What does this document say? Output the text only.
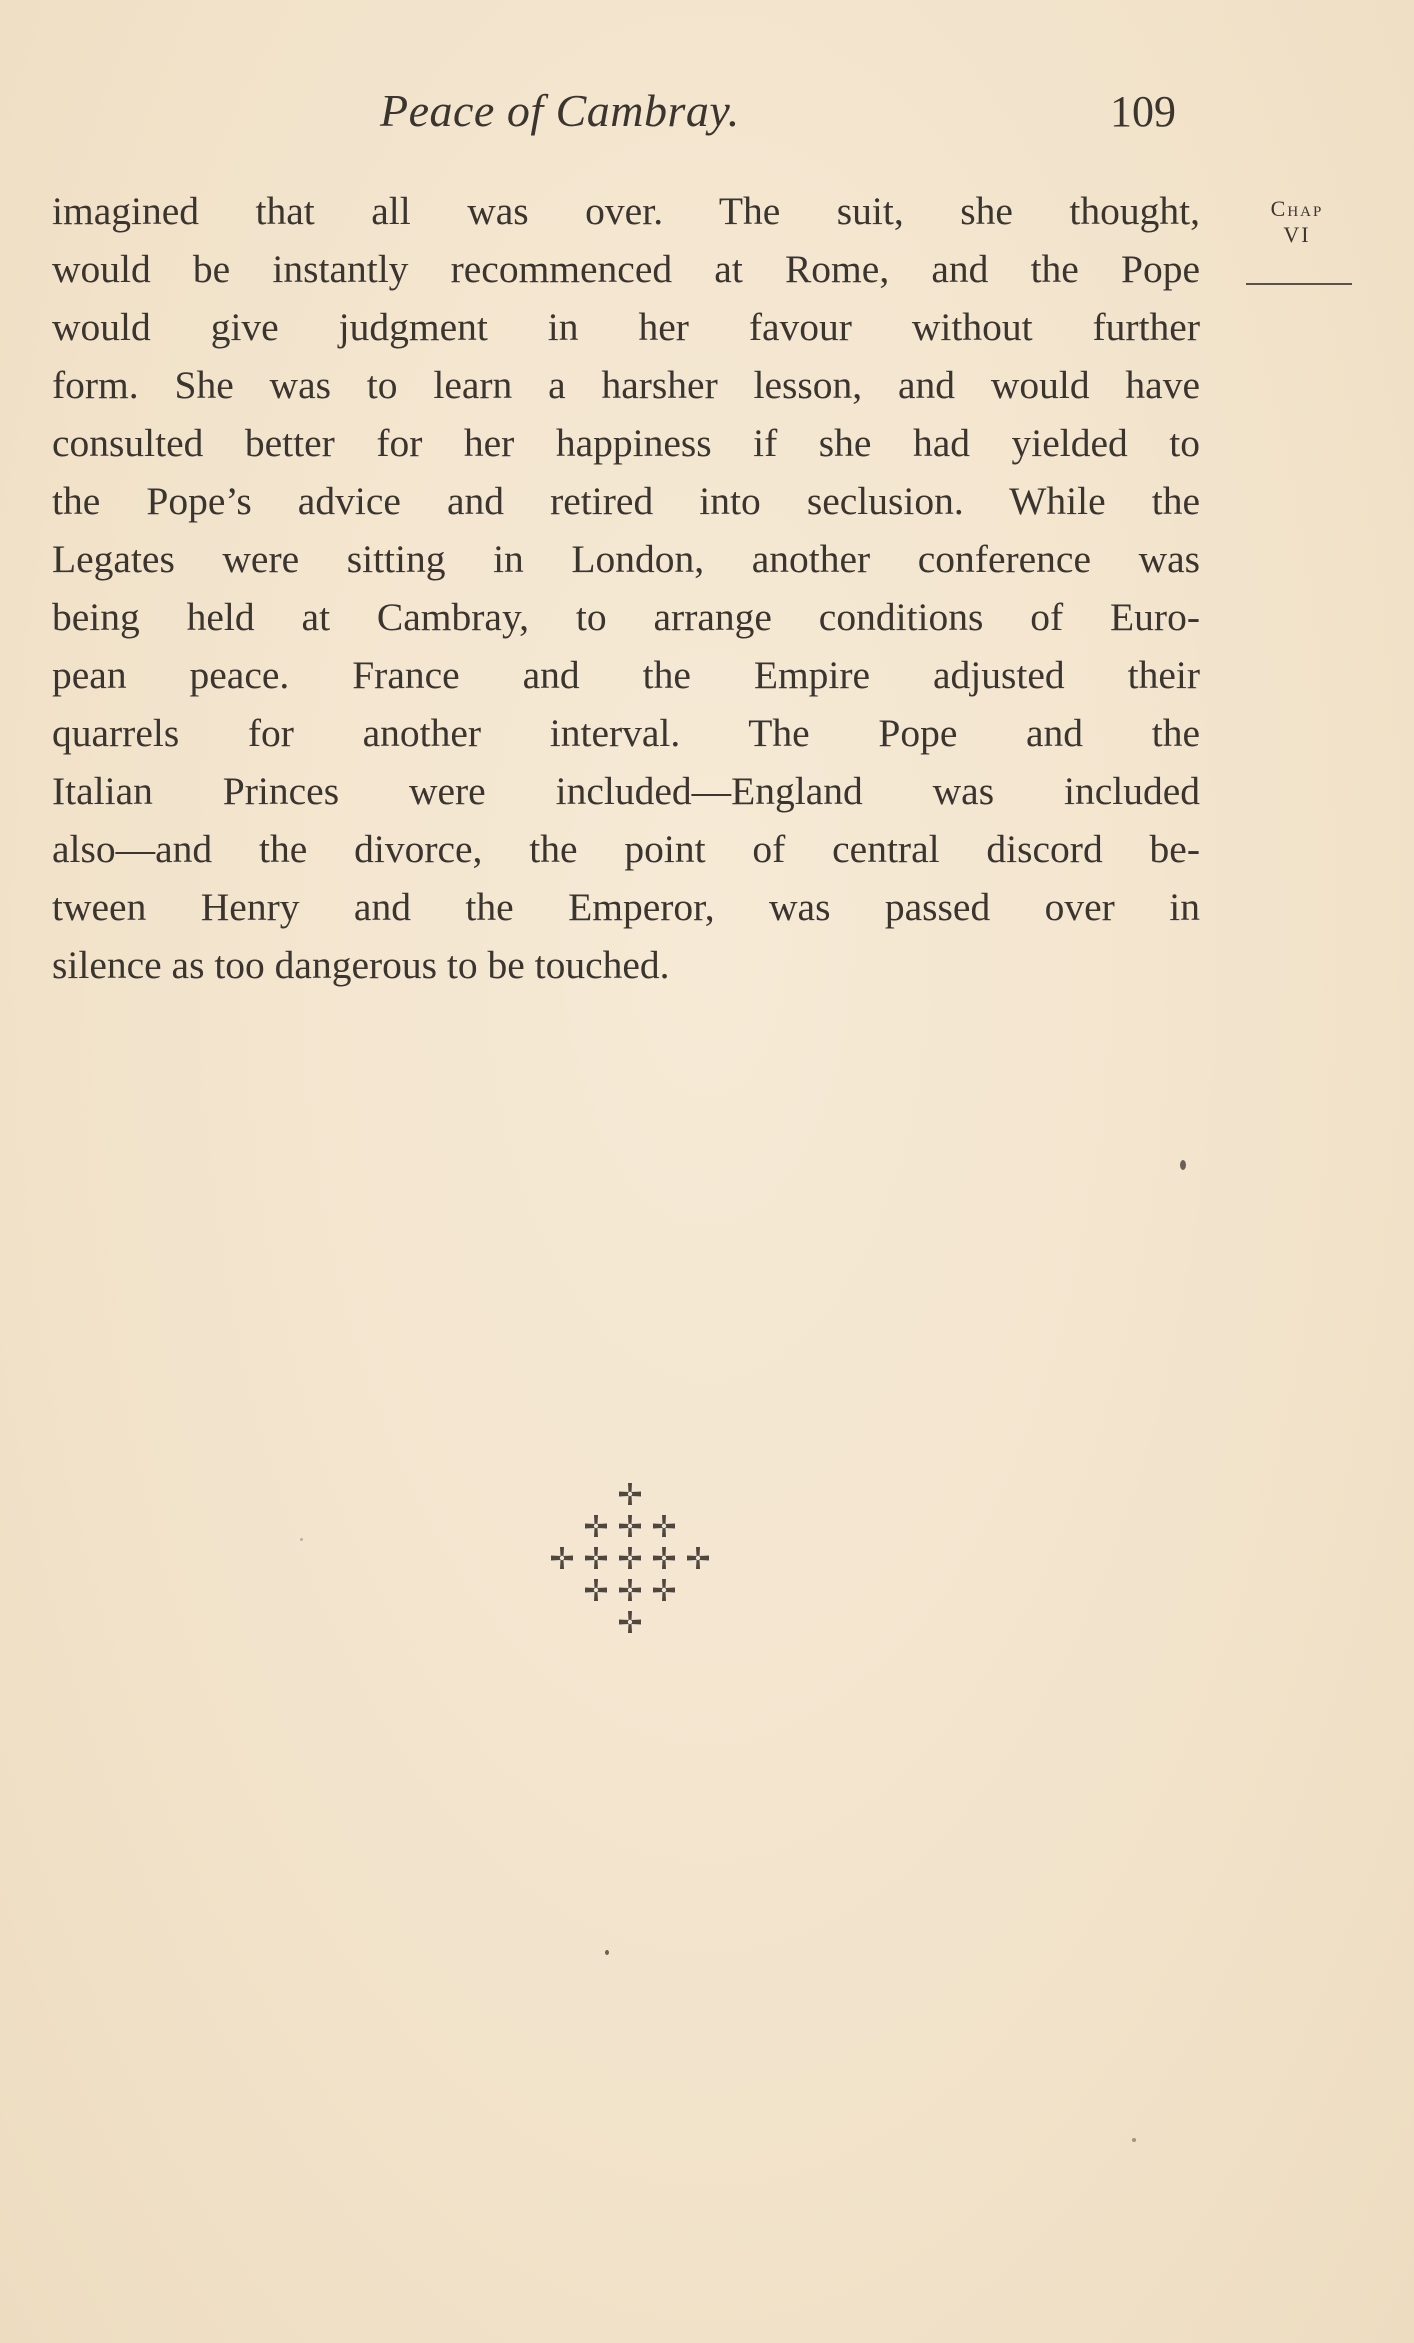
Peace of Cambray.	109
Chap
VI
imagined that all was over. The suit, she thought,
would be instantly recommenced at Rome, and the Pope
would give judgment in her favour without further
form. She was to learn a harsher lesson, and would have
consulted better for her happiness if she had yielded to
the Pope’s advice and retired into seclusion. While the
Legates were sitting in London, another conference was
being held at Cambray, to arrange conditions of Euro-
pean peace. France and the Empire adjusted their
quarrels for another interval. The Pope and the
Italian Princes were included—England was included
also—and the divorce, the point of central discord be-
tween Henry and the Emperor, was passed over in
silence as too dangerous to be touched.
